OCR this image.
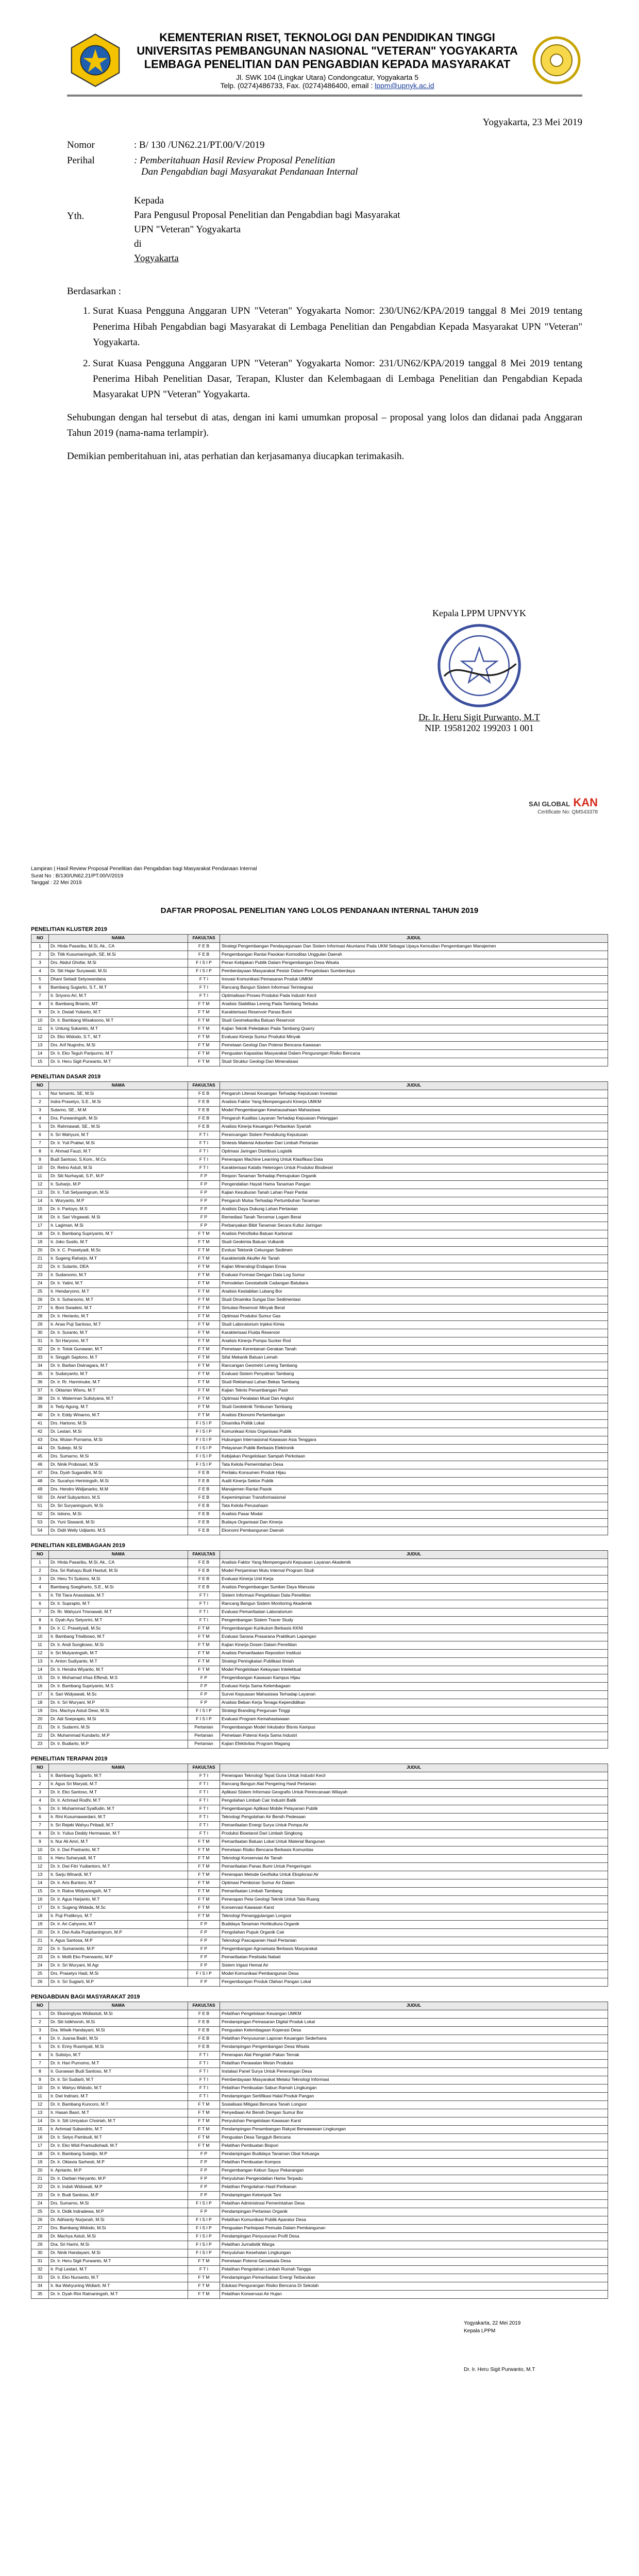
KEMENTERIAN RISET, TEKNOLOGI DAN PENDIDIKAN TINGGI
UNIVERSITAS PEMBANGUNAN NASIONAL "VETERAN" YOGYAKARTA
LEMBAGA PENELITIAN DAN PENGABDIAN KEPADA MASYARAKAT
Jl. SWK 104 (Lingkar Utara) Condongcatur, Yogyakarta 5
Telp. (0274)486733, Fax. (0274)486400, email : lppm@upnyk.ac.id
Yogyakarta, 23 Mei 2019
Nomor	: B/ 130 /UN62.21/PT.00/V/2019
Perihal	: Pemberitahuan Hasil Review Proposal Penelitian
Dan Pengabdian bagi Masyarakat Pendanaan Internal
Kepada
Yth.	Para Pengusul Proposal Penelitian dan Pengabdian bagi Masyarakat
UPN "Veteran" Yogyakarta
di
Yogyakarta
Berdasarkan :
1. Surat Kuasa Pengguna Anggaran UPN "Veteran" Yogyakarta Nomor: 230/UN62/KPA/2019 tanggal 8 Mei 2019 tentang Penerima Hibah Pengabdian bagi Masyarakat di Lembaga Penelitian dan Pengabdian Kepada Masyarakat UPN "Veteran" Yogyakarta.
2. Surat Kuasa Pengguna Anggaran UPN "Veteran" Yogyakarta Nomor: 231/UN62/KPA/2019 tanggal 8 Mei 2019 tentang Penerima Hibah Penelitian Dasar, Terapan, Kluster dan Kelembagaan di Lembaga Penelitian dan Pengabdian Kepada Masyarakat UPN "Veteran" Yogyakarta.

Sehubungan dengan hal tersebut di atas, dengan ini kami umumkan proposal – proposal yang lolos dan didanai pada Anggaran Tahun 2019 (nama-nama terlampir).

Demikian pemberitahuan ini, atas perhatian dan kerjasamanya diucapkan terimakasih.

Kepala LPPM UPNVYK
Dr. Ir. Heru Sigit Purwanto, M.T
NIP. 19581202 199203 1 001
SAI GLOBAL KAN
Certificate No: QMS43378
Lampiran | Hasil Review Proposal Penelitian dan Pengabdian bagi Masyarakat Pendanaan Internal
Surat No : B/130/UN62.21/PT.00/V/2019
Tanggal : 22 Mei 2019
DAFTAR PROPOSAL PENELITIAN YANG LOLOS PENDANAAN INTERNAL TAHUN 2019
PENELITIAN KLUSTER 2019
NO	NAMA	FAKULTAS	JUDUL
1	Dr. Hirda Pasaribu, M.Si, Ak., CA	F E B	Strategi Pengembangan Pendayagunaan Dan Sistem Informasi Akuntansi Pada UKM Sebagai Upaya Kemudian Pengembangan Manajemen
2	Dr. Titik Kusumaningsih, SE, M.Si	F E B	Pengembangan Rantai Pasokan Komoditas Unggulan Daerah
3	Drs. Abdul Ghofar, M.Si	F I S I P	Peran Kebijakan Publik Dalam Pengembangan Desa Wisata
4	Dr. Siti Hajar Suryawati, M.Si	F I S I P	Pemberdayaan Masyarakat Pesisir Dalam Pengelolaan Sumberdaya
5	Dhani Setiadi Setyowardana	F T I	Inovasi Komunikasi Pemasaran Produk UMKM
6	Bambang Sugiarto, S.T., M.T	F T I	Rancang Bangun Sistem Informasi Terintegrasi
7	Ir. Sriyono Ari, M.T	F T I	Optimalisasi Proses Produksi Pada Industri Kecil
8	Ir. Bambang Brianto, MT	F T M	Analisis Stabilitas Lereng Pada Tambang Terbuka
9	Dr. Ir. Dwiati Yulianto, M.T	F T M	Karakterisasi Reservoir Panas Bumi
10	Dr. Ir. Bambang Wisaksono, M.T	F T M	Studi Geomekanika Batuan Reservoir
11	Ir. Untung Sukamto, M.T	F T M	Kajian Teknik Peledakan Pada Tambang Quarry
12	Dr. Eko Widodo, S.T., M.T	F T M	Evaluasi Kinerja Sumur Produksi Minyak
13	Drs. Arif Nugroho, M.Si	F T M	Pemetaan Geologi Dan Potensi Bencana Kawasan
14	Dr. Ir. Eko Teguh Paripurno, M.T	F T M	Penguatan Kapasitas Masyarakat Dalam Pengurangan Risiko Bencana
15	Dr. Ir. Heru Sigit Purwanto, M.T	F T M	Studi Struktur Geologi Dan Mineralisasi
PENELITIAN DASAR 2019
NO	NAMA	FAKULTAS	JUDUL
1	Nur Ismanto, SE, M.Si	F E B	Pengaruh Literasi Keuangan Terhadap Keputusan Investasi
2	Indra Prasetyo, S.E., M.Si	F E B	Analisis Faktor Yang Mempengaruhi Kinerja UMKM
3	Sutarno, SE., M.M	F E B	Model Pengembangan Kewirausahaan Mahasiswa
4	Dra. Purwaningsih, M.Si	F E B	Pengaruh Kualitas Layanan Terhadap Kepuasan Pelanggan
5	Dr. Rahmawati, SE., M.Si	F E B	Analisis Kinerja Keuangan Perbankan Syariah
6	Ir. Sri Wahyuni, M.T	F T I	Perancangan Sistem Pendukung Keputusan
7	Dr. Ir. Yuli Pratiwi, M.Si	F T I	Sintesis Material Adsorben Dari Limbah Pertanian
8	Ir. Ahmad Fauzi, M.T	F T I	Optimasi Jaringan Distribusi Logistik
9	Budi Santoso, S.Kom., M.Cs	F T I	Penerapan Machine Learning Untuk Klasifikasi Data
10	Dr. Retno Astuti, M.Si	F T I	Karakterisasi Katalis Heterogen Untuk Produksi Biodiesel
11	Dr. Siti Nurhayati, S.P., M.P	F P	Respon Tanaman Terhadap Pemupukan Organik
12	Ir. Suharjo, M.P	F P	Pengendalian Hayati Hama Tanaman Pangan
13	Dr. Ir. Tuti Setyaningrum, M.Si	F P	Kajian Kesuburan Tanah Lahan Pasir Pantai
14	Ir. Wuryanto, M.P	F P	Pengaruh Mulsa Terhadap Pertumbuhan Tanaman
15	Dr. Ir. Partoyo, M.S	F P	Analisis Daya Dukung Lahan Pertanian
16	Dr. Ir. Sari Virgawati, M.Si	F P	Remediasi Tanah Tercemar Logam Berat
17	Ir. Lagiman, M.Si	F P	Perbanyakan Bibit Tanaman Secara Kultur Jaringan
18	Dr. Ir. Bambang Supriyanto, M.T	F T M	Analisis Petrofisika Batuan Karbonat
19	Ir. Joko Susilo, M.T	F T M	Studi Geokimia Batuan Vulkanik
20	Dr. Ir. C. Prasetyadi, M.Sc	F T M	Evolusi Tektonik Cekungan Sedimen
21	Ir. Sugeng Raharjo, M.T	F T M	Karakteristik Akuifer Air Tanah
22	Dr. Ir. Sutanto, DEA	F T M	Kajian Mineralogi Endapan Emas
23	Ir. Sudarsono, M.T	F T M	Evaluasi Formasi Dengan Data Log Sumur
24	Dr. Ir. Yatini, M.T	F T M	Pemodelan Geostatistik Cadangan Batubara
25	Ir. Hendaryono, M.T	F T M	Analisis Kestabilan Lubang Bor
26	Dr. Ir. Suharsono, M.T	F T M	Studi Dinamika Sungai Dan Sedimentasi
27	Ir. Boni Swadesi, M.T	F T M	Simulasi Reservoir Minyak Berat
28	Dr. Ir. Herianto, M.T	F T M	Optimasi Produksi Sumur Gas
29	Ir. Anas Puji Santoso, M.T	F T M	Studi Laboratorium Injeksi Kimia
30	Dr. Ir. Suranto, M.T	F T M	Karakterisasi Fluida Reservoir
31	Ir. Sri Haryono, M.T	F T M	Analisis Kinerja Pompa Sucker Rod
32	Dr. Ir. Totok Gunawan, M.T	F T M	Pemetaan Kerentanan Gerakan Tanah
33	Ir. Singgih Saptono, M.T	F T M	Sifat Mekanik Batuan Lemah
34	Dr. Ir. Barlian Dwinagara, M.T	F T M	Rancangan Geometri Lereng Tambang
35	Ir. Sudaryanto, M.T	F T M	Evaluasi Sistem Penyaliran Tambang
36	Dr. Ir. Rr. Harminuke, M.T	F T M	Studi Reklamasi Lahan Bekas Tambang
37	Ir. Oktarian Wisnu, M.T	F T M	Kajian Teknis Penambangan Pasir
38	Dr. Ir. Waterman Sulistyana, M.T	F T M	Optimasi Peralatan Muat Dan Angkut
39	Ir. Tedy Agung, M.T	F T M	Studi Geoteknik Timbunan Tambang
40	Dr. Ir. Eddy Winarno, M.T	F T M	Analisis Ekonomi Pertambangan
41	Drs. Hartono, M.Si	F I S I P	Dinamika Politik Lokal
42	Dr. Lestari, M.Si	F I S I P	Komunikasi Krisis Organisasi Publik
43	Dra. Wulan Purnama, M.Si	F I S I P	Hubungan Internasional Kawasan Asia Tenggara
44	Dr. Subejo, M.Si	F I S I P	Pelayanan Publik Berbasis Elektronik
45	Drs. Sumarno, M.Si	F I S I P	Kebijakan Pengelolaan Sampah Perkotaan
46	Dr. Ninik Probosari, M.Si	F I S I P	Tata Kelola Pemerintahan Desa
47	Dra. Dyah Sugandini, M.Si	F E B	Perilaku Konsumen Produk Hijau
48	Dr. Sucahyo Heriningsih, M.Si	F E B	Audit Kinerja Sektor Publik
49	Drs. Hendro Widjanarko, M.M	F E B	Manajemen Rantai Pasok
50	Dr. Arief Subyantoro, M.S	F E B	Kepemimpinan Transformasional
51	Dr. Sri Suryaningsum, M.Si	F E B	Tata Kelola Perusahaan
52	Dr. Istiono, M.Si	F E B	Analisis Pasar Modal
53	Dr. Yuni Siswanti, M.Si	F E B	Budaya Organisasi Dan Kinerja
54	Dr. Didit Welly Udjianto, M.S	F E B	Ekonomi Pembangunan Daerah
PENELITIAN KELEMBAGAAN 2019
NO	NAMA	FAKULTAS	JUDUL
1	Dr. Hirda Pasaribu, M.Si, Ak., CA	F E B	Analisis Faktor Yang Mempengaruhi Kepuasan Layanan Akademik
2	Dra. Sri Rahayu Budi Hastuti, M.Si	F E B	Model Penjaminan Mutu Internal Program Studi
3	Dr. Heru Tri Sutiono, M.Si	F E B	Evaluasi Kinerja Unit Kerja
4	Bambang Soegiharto, S.E., M.Si	F E B	Analisis Pengembangan Sumber Daya Manusia
5	Ir. Titi Tiara Anasstasia, M.T	F T I	Sistem Informasi Pengelolaan Data Penelitian
6	Dr. Ir. Suprapto, M.T	F T I	Rancang Bangun Sistem Monitoring Akademik
7	Dr. Rr. Wahyuni Trisnawati, M.T	F T I	Evaluasi Pemanfaatan Laboratorium
8	Ir. Dyah Ayu Setyorini, M.T	F T I	Pengembangan Sistem Tracer Study
9	Dr. Ir. C. Prasetyadi, M.Sc	F T M	Pengembangan Kurikulum Berbasis KKNI
10	Ir. Bambang Triwibowo, M.T	F T M	Evaluasi Sarana Prasarana Praktikum Lapangan
11	Dr. Ir. Andi Sungkowo, M.Si	F T M	Kajian Kinerja Dosen Dalam Penelitian
12	Ir. Sri Mulyaningsih, M.T	F T M	Analisis Pemanfaatan Repositori Institusi
13	Ir. Anton Sudiyanto, M.T	F T M	Strategi Peningkatan Publikasi Ilmiah
14	Dr. Ir. Hendra Wiyanto, M.T	F T M	Model Pengelolaan Kekayaan Intelektual
15	Dr. Ir. Mohamad Irhas Effendi, M.S	F P	Pengembangan Kawasan Kampus Hijau
16	Dr. Ir. Bambang Supriyanto, M.S	F P	Evaluasi Kerja Sama Kelembagaan
17	Ir. Sari Widyawati, M.Sc	F P	Survei Kepuasan Mahasiswa Terhadap Layanan
18	Dr. Ir. Sri Wuryani, M.P	F P	Analisis Beban Kerja Tenaga Kependidikan
19	Drs. Machya Astuti Dewi, M.Si	F I S I P	Strategi Branding Perguruan Tinggi
20	Dr. Adi Soeprapto, M.Si	F I S I P	Evaluasi Program Kemahasiswaan
21	Dr. Ir. Sudarmi, M.Si	Pertanian	Pengembangan Model Inkubator Bisnis Kampus
22	Dr. Muhammad Kundarto, M.P	Pertanian	Pemetaan Potensi Kerja Sama Industri
23	Dr. Ir. Budiarto, M.P	Pertanian	Kajian Efektivitas Program Magang
PENELITIAN TERAPAN 2019
NO	NAMA	FAKULTAS	JUDUL
1	Ir. Bambang Sugiarto, M.T	F T I	Penerapan Teknologi Tepat Guna Untuk Industri Kecil
2	Ir. Agus Sri Maryati, M.T	F T I	Rancang Bangun Alat Pengering Hasil Pertanian
3	Dr. Ir. Eko Santoso, M.T	F T I	Aplikasi Sistem Informasi Geografis Untuk Perencanaan Wilayah
4	Dr. Ir. Achmad Rodhi, M.T	F T I	Pengolahan Limbah Cair Industri Batik
5	Dr. Ir. Muhammad Syaifudin, M.T	F T I	Pengembangan Aplikasi Mobile Pelayanan Publik
6	Ir. Rini Kusumawardani, M.T	F T I	Teknologi Pengolahan Air Bersih Pedesaan
7	Ir. Sri Rejeki Wahyu Pribadi, M.T	F T I	Pemanfaatan Energi Surya Untuk Pompa Air
8	Dr. Ir. Yulius Deddy Hermawan, M.T	F T I	Produksi Bioetanol Dari Limbah Singkong
9	Ir. Nur Ali Amri, M.T	F T M	Pemanfaatan Batuan Lokal Untuk Material Bangunan
10	Dr. Ir. Dwi Poetranto, M.T	F T M	Pemetaan Risiko Bencana Berbasis Komunitas
11	Ir. Heru Suharyadi, M.T	F T M	Teknologi Konservasi Air Tanah
12	Dr. Ir. Dwi Fitri Yudiantoro, M.T	F T M	Pemanfaatan Panas Bumi Untuk Pengeringan
13	Ir. Sarju Winardi, M.T	F T M	Penerapan Metode Geofisika Untuk Eksplorasi Air
14	Dr. Ir. Aris Buntoro, M.T	F T M	Optimasi Pemboran Sumur Air Dalam
15	Dr. Ir. Ratna Widyaningsih, M.T	F T M	Pemanfaatan Limbah Tambang
16	Dr. Ir. Agus Harjanto, M.T	F T M	Penerapan Peta Geologi Teknik Untuk Tata Ruang
17	Dr. Ir. Sugeng Widada, M.Sc	F T M	Konservasi Kawasan Karst
18	Ir. Puji Pratiknyo, M.T	F T M	Teknologi Penanggulangan Longsor
19	Dr. Ir. Ari Cahyono, M.T	F P	Budidaya Tanaman Hortikultura Organik
20	Dr. Ir. Dwi Aulia Puspitaningrum, M.P	F P	Pengolahan Pupuk Organik Cair
21	Ir. Agus Santosa, M.P	F P	Teknologi Pascapanen Hasil Pertanian
22	Dr. Ir. Sumarwoto, M.P	F P	Pengembangan Agrowisata Berbasis Masyarakat
23	Dr. Ir. Mofit Eko Poerwanto, M.P	F P	Pemanfaatan Pestisida Nabati
24	Dr. Ir. Sri Wuryani, M.Agr	F P	Sistem Irigasi Hemat Air
25	Drs. Prasetyo Hadi, M.Si	F I S I P	Model Komunikasi Pembangunan Desa
26	Dr. Ir. Sri Sugiarti, M.P	F P	Pengembangan Produk Olahan Pangan Lokal
PENGABDIAN BAGI MASYARAKAT 2019
NO	NAMA	FAKULTAS	JUDUL
1	Dr. Ekaningtyas Widiastuti, M.Si	F E B	Pelatihan Pengelolaan Keuangan UMKM
2	Dr. Siti Istikhoroh, M.Si	F E B	Pendampingan Pemasaran Digital Produk Lokal
3	Dra. Wiwik Handayani, M.Si	F E B	Penguatan Kelembagaan Koperasi Desa
4	Dr. Ir. Juarsa Badri, M.Si	F E B	Pelatihan Penyusunan Laporan Keuangan Sederhana
5	Dr. Ir. Enny Rusmiyati, M.Si	F E B	Pendampingan Pengembangan Desa Wisata
6	Ir. Sulistyo, M.T	F T I	Penerapan Alat Pengolah Pakan Ternak
7	Dr. Ir. Hari Purnomo, M.T	F T I	Pelatihan Perawatan Mesin Produksi
8	Ir. Gunawan Budi Santoso, M.T	F T I	Instalasi Panel Surya Untuk Penerangan Desa
9	Dr. Ir. Sri Sudiarti, M.T	F T I	Pemberdayaan Masyarakat Melalui Teknologi Informasi
10	Dr. Ir. Wahyu Widodo, M.T	F T I	Pelatihan Pembuatan Sabun Ramah Lingkungan
11	Ir. Dwi Indriani, M.T	F T I	Pendampingan Sertifikasi Halal Produk Pangan
12	Dr. Ir. Bambang Kuncoro, M.T	F T M	Sosialisasi Mitigasi Bencana Tanah Longsor
13	Ir. Hasan Basri, M.T	F T M	Penyediaan Air Bersih Dengan Sumur Bor
14	Dr. Ir. Siti Umiyatun Choiriah, M.T	F T M	Penyuluhan Pengelolaan Kawasan Karst
15	Ir. Achmad Subandrio, M.T	F T M	Pendampingan Penambangan Rakyat Berwawasan Lingkungan
16	Dr. Ir. Setyo Pambudi, M.T	F T M	Penguatan Desa Tangguh Bencana
17	Dr. Ir. Eko Widi Pramudiohadi, M.T	F T M	Pelatihan Pembuatan Biopori
18	Dr. Ir. Bambang Sutedjo, M.P	F P	Pendampingan Budidaya Tanaman Obat Keluarga
19	Dr. Ir. Oktavia Sarhesti, M.P	F P	Pelatihan Pembuatan Kompos
20	Ir. Aprianto, M.P	F P	Pengembangan Kebun Sayur Pekarangan
21	Dr. Ir. Darban Haryanto, M.P	F P	Penyuluhan Pengendalian Hama Terpadu
22	Dr. Ir. Indah Widowati, M.P	F P	Pelatihan Pengolahan Hasil Perikanan
23	Dr. Ir. Budi Santoso, M.P	F P	Pendampingan Kelompok Tani
24	Drs. Sumarno, M.Si	F I S I P	Pelatihan Administrasi Pemerintahan Desa
25	Dr. Ir. Didik Indradewa, M.P	F P	Pendampingan Pertanian Organik
26	Dr. Adhianty Nurjanah, M.Si	F I S I P	Pelatihan Komunikasi Publik Aparatur Desa
27	Drs. Bambang Widodo, M.Si	F I S I P	Penguatan Partisipasi Pemuda Dalam Pembangunan
28	Dr. Machya Astuti, M.Si	F I S I P	Pendampingan Penyusunan Profil Desa
29	Dra. Sri Harini, M.Si	F I S I P	Pelatihan Jurnalistik Warga
30	Dr. Ninik Handayani, M.Si	F I S I P	Penyuluhan Kesehatan Lingkungan
31	Dr. Ir. Heru Sigit Purwanto, M.T	F T M	Pemetaan Potensi Geowisata Desa
32	Ir. Puji Lestari, M.T	F T I	Pelatihan Pengolahan Limbah Rumah Tangga
33	Dr. Ir. Eko Nursanto, M.T	F T M	Pendampingan Pemanfaatan Energi Terbarukan
34	Ir. Ika Wahyuning Widiarti, M.T	F T M	Edukasi Pengurangan Risiko Bencana Di Sekolah
35	Dr. Ir. Dyah Rini Ratnaningsih, M.T	F T M	Pelatihan Konservasi Air Hujan
Yogyakarta, 22 Mei 2019
Kepala LPPM
Dr. Ir. Heru Sigit Purwanto, M.T
